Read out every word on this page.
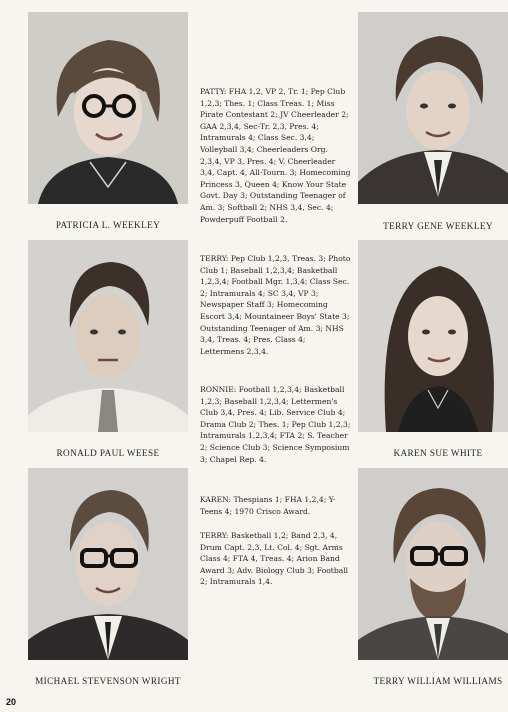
PATRICIA L. WEEKLEY

PATTY: FHA 1,2, VP 2, Tr. 1; Pep Club 1,2,3; Thes. 1; Class Treas. 1; Miss Pirate Contestant 2; JV Cheerleader 2; GAA 2,3,4, Sec-Tr. 2,3, Pres. 4; Intramurals 4; Class Sec. 3,4; Volleyball 3,4; Cheerleaders Org. 2,3,4, VP 3, Pres. 4; V. Cheerleader 3,4, Capt. 4, All-Tourn. 3; Homecoming Princess 3, Queen 4; Know Your State Govt. Day 3; Outstanding Teenager of Am. 3; Softball 2; NHS 3,4, Sec. 4; Powderpuff Football 2.

TERRY GENE WEEKLEY
RONALD PAUL WEESE

TERRY: Pep Club 1,2,3, Treas. 3; Photo Club 1; Baseball 1,2,3,4; Basketball 1,2,3,4; Football Mgr. 1,3,4; Class Sec. 2; Intramurals 4; SC 3,4, VP 3; Newspaper Staff 3; Homecoming Escort 3,4; Mountaineer Boys' State 3; Outstanding Teenager of Am. 3; NHS 3,4, Treas. 4; Pres. Class 4; Lettermens 2,3,4.

RONNIE: Football 1,2,3,4; Basketball 1,2,3; Baseball 1,2,3,4; Lettermen's Club 3,4, Pres. 4; Lib. Service Club 4; Drama Club 2; Thes. 1; Pep Club 1,2,3; Intramurals 1,2,3,4; FTA 2; S. Teacher 2; Science Club 3; Science Symposium 3; Chapel Rep. 4.

KAREN SUE WHITE
MICHAEL STEVENSON WRIGHT

KAREN: Thespians 1; FHA 1,2,4; Y-Teens 4; 1970 Crisco Award.

TERRY: Basketball 1,2; Band 2,3, 4, Drum Capt. 2,3, Lt. Col. 4; Sgt. Arms Class 4; FTA 4, Treas. 4; Arion Band Award 3; Adv. Biology Club 3; Football 2; Intramurals 1,4.

TERRY WILLIAM WILLIAMS
20
